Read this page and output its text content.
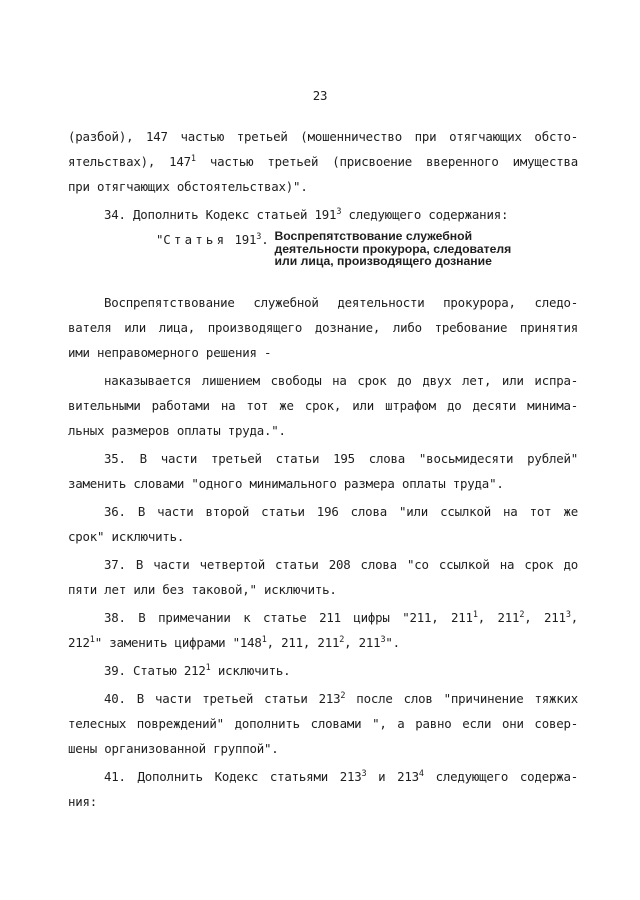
23

(разбой), 147 частью третьей (мошенничество при отягчающих обсто-

ятельствах), $147^1$ частью третьей (присвоение вверенного имущества

при отягчающих обстоятельствах)".

34. Дополнить Кодекс статьей $191^3$ следующего содержания:

"Статья $191^3$. Воспрепятствование служебной
деятельности прокурора, следователя
или лица, производящего дознание

Воспрепятствование служебной деятельности прокурора, следо-

вателя или лица, производящего дознание, либо требование принятия

ими неправомерного решения -

наказывается лишением свободы на срок до двух лет, или испра-

вительными работами на тот же срок, или штрафом до десяти минима-

льных размеров оплаты труда.".

35. В части третьей статьи 195 слова "восьмидесяти рублей"

заменить словами "одного минимального размера оплаты труда".

36. В части второй статьи 196 слова "или ссылкой на тот же

срок" исключить.

37. В части четвертой статьи 208 слова "со ссылкой на срок до

пяти лет или без таковой," исключить.

38. В примечании к статье 211 цифры "211, $211^1$, $211^2$, $211^3$,

$212^1$" заменить цифрами "$148^1$, 211, $211^2$, $211^3$".

39. Статью $212^1$ исключить.

40. В части третьей статьи $213^2$ после слов "причинение тяжких

телесных повреждений" дополнить словами ", а равно если они совер-

шены организованной группой".

41. Дополнить Кодекс статьями $213^3$ и $213^4$ следующего содержа-

ния:
